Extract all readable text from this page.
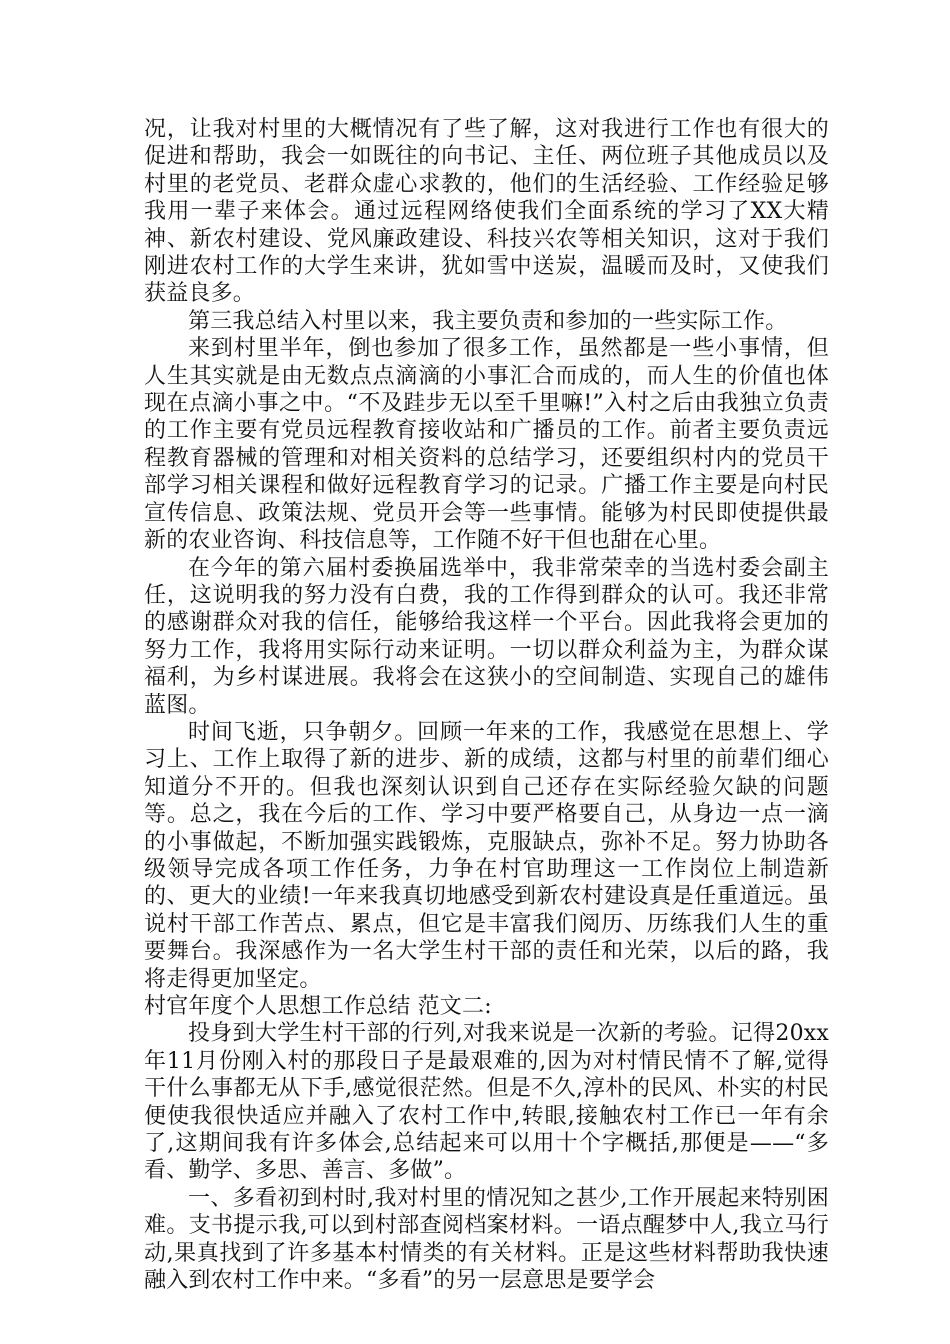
况，让我对村里的大概情况有了些了解，这对我进行工作也有很大的促进和帮助，我会一如既往的向书记、主任、两位班子其他成员以及村里的老党员、老群众虚心求教的，他们的生活经验、工作经验足够我用一辈子来体会。通过远程网络使我们全面系统的学习了XX大精神、新农村建设、党风廉政建设、科技兴农等相关知识，这对于我们刚进农村工作的大学生来讲，犹如雪中送炭，温暖而及时，又使我们获益良多。

第三我总结入村里以来，我主要负责和参加的一些实际工作。

来到村里半年，倒也参加了很多工作，虽然都是一些小事情，但人生其实就是由无数点点滴滴的小事汇合而成的，而人生的价值也体现在点滴小事之中。“不及跬步无以至千里嘛!”入村之后由我独立负责的工作主要有党员远程教育接收站和广播员的工作。前者主要负责远程教育器械的管理和对相关资料的总结学习，还要组织村内的党员干部学习相关课程和做好远程教育学习的记录。广播工作主要是向村民宣传信息、政策法规、党员开会等一些事情。能够为村民即使提供最新的农业咨询、科技信息等，工作随不好干但也甜在心里。

在今年的第六届村委换届选举中，我非常荣幸的当选村委会副主任，这说明我的努力没有白费，我的工作得到群众的认可。我还非常的感谢群众对我的信任，能够给我这样一个平台。因此我将会更加的努力工作，我将用实际行动来证明。一切以群众利益为主，为群众谋福利，为乡村谋进展。我将会在这狭小的空间制造、实现自己的雄伟蓝图。

时间飞逝，只争朝夕。回顾一年来的工作，我感觉在思想上、学习上、工作上取得了新的进步、新的成绩，这都与村里的前辈们细心知道分不开的。但我也深刻认识到自己还存在实际经验欠缺的问题等。总之，我在今后的工作、学习中要严格要自己，从身边一点一滴的小事做起，不断加强实践锻炼，克服缺点，弥补不足。努力协助各级领导完成各项工作任务，力争在村官助理这一工作岗位上制造新的、更大的业绩!一年来我真切地感受到新农村建设真是任重道远。虽说村干部工作苦点、累点，但它是丰富我们阅历、历练我们人生的重要舞台。我深感作为一名大学生村干部的责任和光荣，以后的路，我将走得更加坚定。

村官年度个人思想工作总结 范文二:

投身到大学生村干部的行列,对我来说是一次新的考验。记得20xx年11月份刚入村的那段日子是最艰难的,因为对村情民情不了解,觉得干什么事都无从下手,感觉很茫然。但是不久,淳朴的民风、朴实的村民便使我很快适应并融入了农村工作中,转眼,接触农村工作已一年有余了,这期间我有许多体会,总结起来可以用十个字概括,那便是——“多看、勤学、多思、善言、多做”。

一、多看初到村时,我对村里的情况知之甚少,工作开展起来特别困难。支书提示我,可以到村部查阅档案材料。一语点醒梦中人,我立马行动,果真找到了许多基本村情类的有关材料。正是这些材料帮助我快速融入到农村工作中来。“多看”的另一层意思是要学会
